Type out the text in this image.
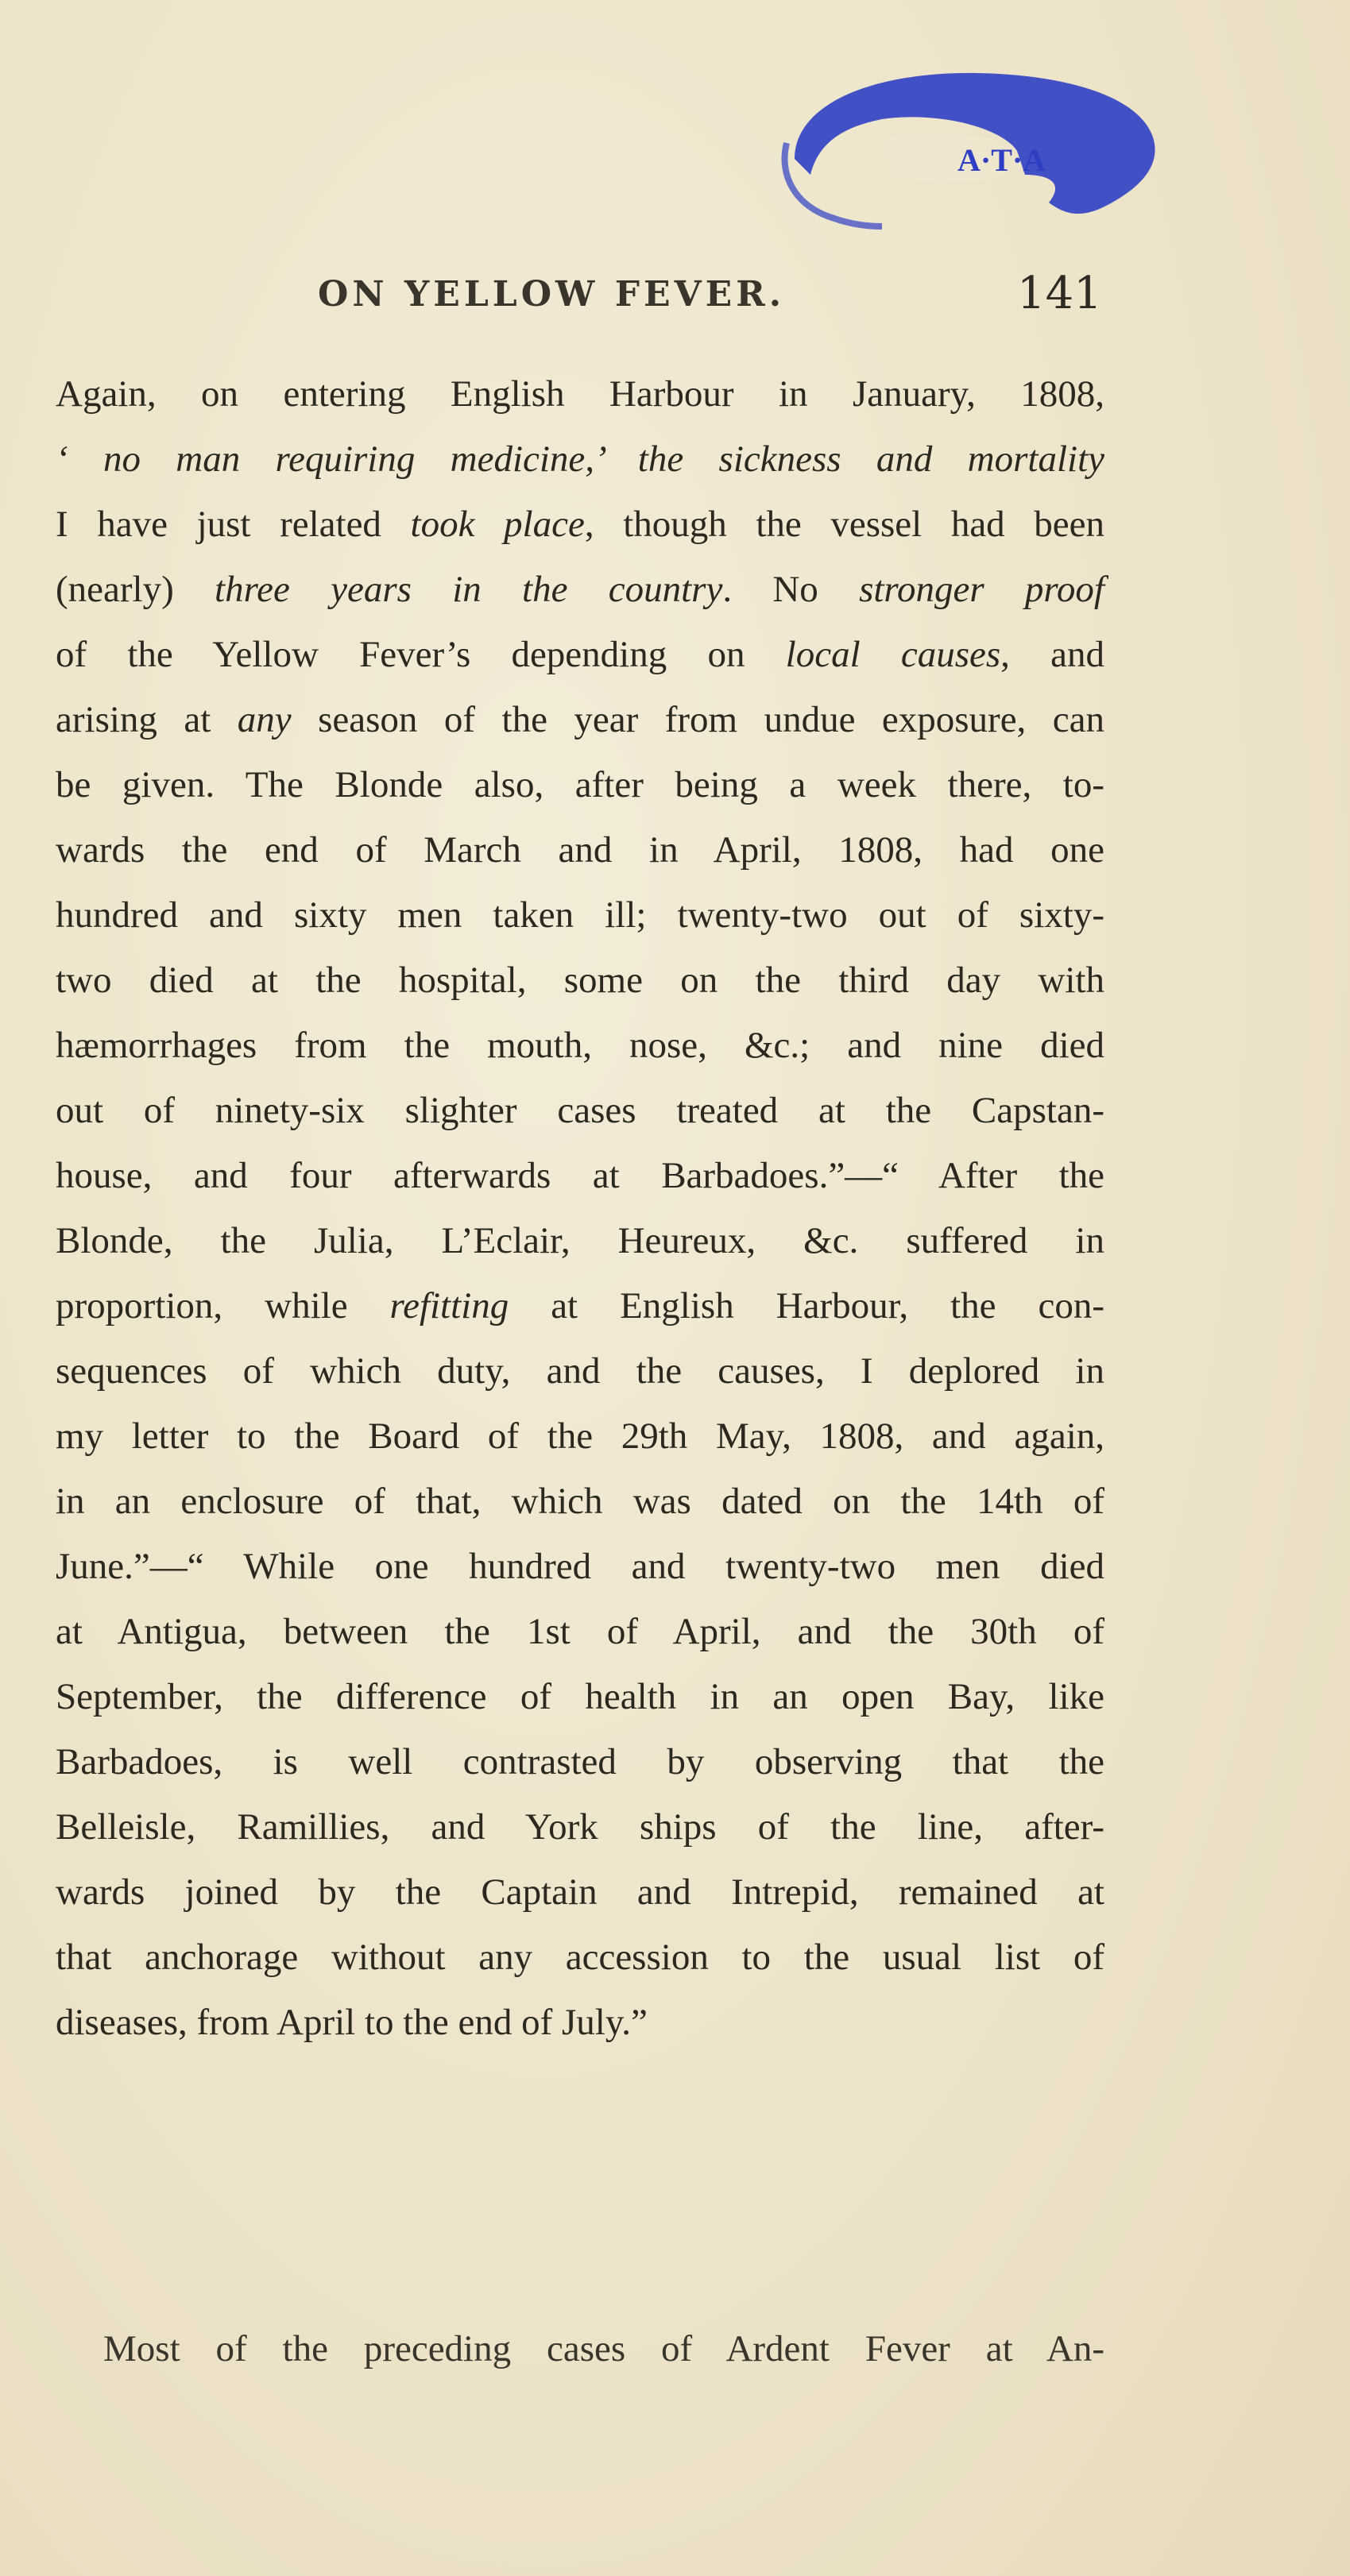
A·T·A
ON YELLOW FEVER.	141
Again, on entering English Harbour in January, 1808,
‘ no man requiring medicine,’ the sickness and mortality
I have just related took place, though the vessel had been
(nearly) three years in the country. No stronger proof
of the Yellow Fever’s depending on local causes, and
arising at any season of the year from undue exposure, can
be given. The Blonde also, after being a week there, to-
wards the end of March and in April, 1808, had one
hundred and sixty men taken ill; twenty-two out of sixty-
two died at the hospital, some on the third day with
hæmorrhages from the mouth, nose, &c.; and nine died
out of ninety-six slighter cases treated at the Capstan-
house, and four afterwards at Barbadoes.”—“ After the
Blonde, the Julia, L’Eclair, Heureux, &c. suffered in
proportion, while refitting at English Harbour, the con-
sequences of which duty, and the causes, I deplored in
my letter to the Board of the 29th May, 1808, and again,
in an enclosure of that, which was dated on the 14th of
June.”—“ While one hundred and twenty-two men died
at Antigua, between the 1st of April, and the 30th of
September, the difference of health in an open Bay, like
Barbadoes, is well contrasted by observing that the
Belleisle, Ramillies, and York ships of the line, after-
wards joined by the Captain and Intrepid, remained at
that anchorage without any accession to the usual list of
diseases, from April to the end of July.”
Most of the preceding cases of Ardent Fever at An-
